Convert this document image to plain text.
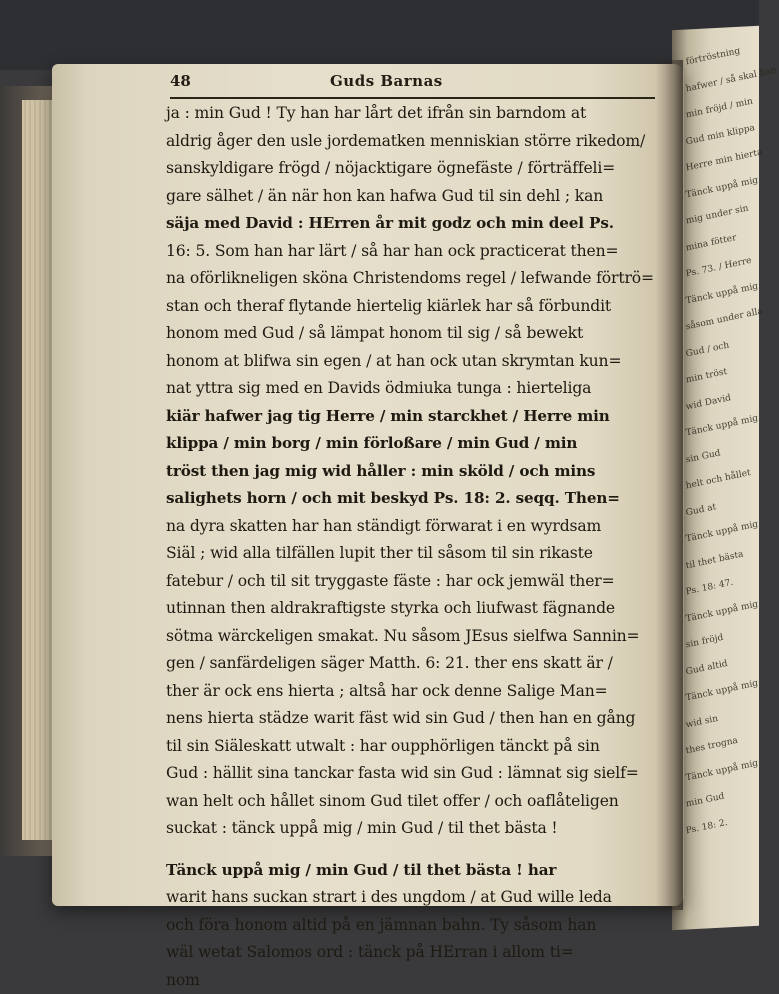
förtröstning
hafwer / så skal han
min fröjd / min
Gud min klippa
Herre min hierta
Tänck uppå mig
mig under sin
mina fötter
Ps. 73. / Herre
Tänck uppå mig
såsom under alla
Gud / och
min tröst
wid David
Tänck uppå mig
sin Gud
helt och hållet
Gud at
Tänck uppå mig
til thet bästa
Ps. 18: 47.
Tänck uppå mig
sin fröjd
Gud altid
Tänck uppå mig
wid sin
thes trogna
Tänck uppå mig
min Gud
Ps. 18: 2.
48	Guds Barnas
ja : min Gud ! Ty han har lårt det ifrån sin barndom at
aldrig åger den usle jordematken menniskian större rikedom/
sanskyldigare frögd / nöjacktigare ögnefäste / förträffeli=
gare sälhet / än när hon kan hafwa Gud til sin dehl ; kan
säja med David : HErren år mit godz och min deel Ps.
16: 5. Som han har lärt / så har han ock practicerat then=
na oförlikneligen sköna Christendoms regel / lefwande förtrö=
stan och theraf flytande hiertelig kiärlek har så förbundit
honom med Gud / så lämpat honom til sig / så bewekt
honom at blifwa sin egen / at han ock utan skrymtan kun=
nat yttra sig med en Davids ödmiuka tunga : hierteliga
kiär hafwer jag tig Herre / min starckhet / Herre min
klippa / min borg / min förloßare / min Gud / min
tröst then jag mig wid håller : min sköld / och mins
salighets horn / och mit beskyd Ps. 18: 2. seqq. Then=
na dyra skatten har han ständigt förwarat i en wyrdsam
Siäl ; wid alla tilfällen lupit ther til såsom til sin rikaste
fatebur / och til sit tryggaste fäste : har ock jemwäl ther=
utinnan then aldrakraftigste styrka och liufwast fägnande
sötma wärckeligen smakat. Nu såsom JEsus sielfwa Sannin=
gen / sanfärdeligen säger Matth. 6: 21. ther ens skatt är /
ther är ock ens hierta ; altså har ock denne Salige Man=
nens hierta städze warit fäst wid sin Gud / then han en gång
til sin Siäleskatt utwalt : har oupphörligen tänckt på sin
Gud : hällit sina tanckar fasta wid sin Gud : lämnat sig sielf=
wan helt och hållet sinom Gud tilet offer / och oaflåteligen
suckat : tänck uppå mig / min Gud / til thet bästa !
Tänck uppå mig / min Gud / til thet bästa ! har
warit hans suckan strart i des ungdom / at Gud wille leda
och föra honom altid på en jämnan bahn. Ty såsom han
wäl wetat Salomos ord : tänck på HErran i allom ti=
nom
